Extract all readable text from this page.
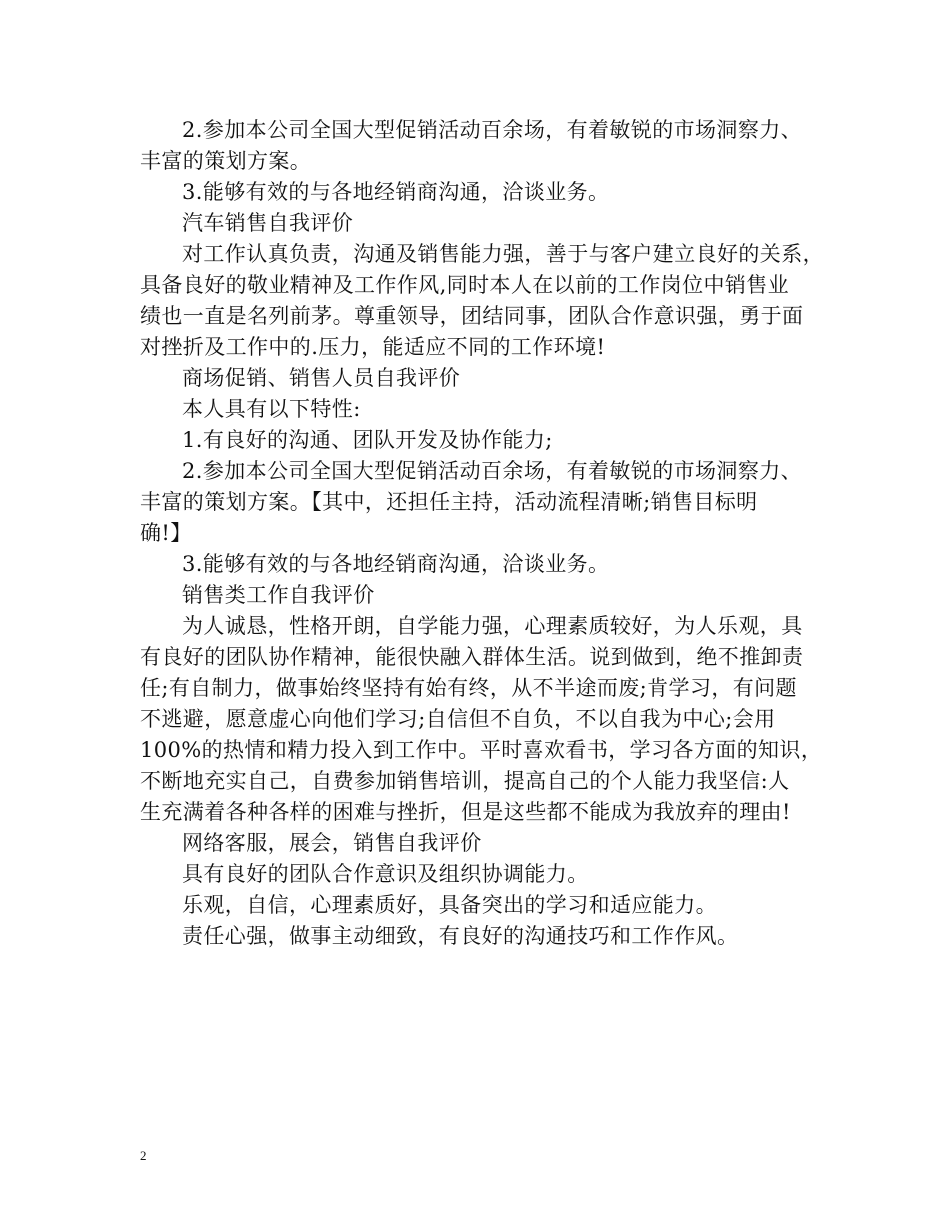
2.参加本公司全国大型促销活动百余场，有着敏锐的市场洞察力、
丰富的策划方案。
3.能够有效的与各地经销商沟通，洽谈业务。
汽车销售自我评价
对工作认真负责，沟通及销售能力强，善于与客户建立良好的关系，
具备良好的敬业精神及工作作风,同时本人在以前的工作岗位中销售业
绩也一直是名列前茅。尊重领导，团结同事，团队合作意识强，勇于面
对挫折及工作中的.压力，能适应不同的工作环境!
商场促销、销售人员自我评价
本人具有以下特性:
1.有良好的沟通、团队开发及协作能力;
2.参加本公司全国大型促销活动百余场，有着敏锐的市场洞察力、
丰富的策划方案。【其中，还担任主持，活动流程清晰;销售目标明
确!】
3.能够有效的与各地经销商沟通，洽谈业务。
销售类工作自我评价
为人诚恳，性格开朗，自学能力强，心理素质较好，为人乐观，具
有良好的团队协作精神，能很快融入群体生活。说到做到，绝不推卸责
任;有自制力，做事始终坚持有始有终，从不半途而废;肯学习，有问题
不逃避，愿意虚心向他们学习;自信但不自负，不以自我为中心;会用
100%的热情和精力投入到工作中。平时喜欢看书，学习各方面的知识，
不断地充实自己，自费参加销售培训，提高自己的个人能力我坚信:人
生充满着各种各样的困难与挫折，但是这些都不能成为我放弃的理由!
网络客服，展会，销售自我评价
具有良好的团队合作意识及组织协调能力。
乐观，自信，心理素质好，具备突出的学习和适应能力。
责任心强，做事主动细致，有良好的沟通技巧和工作作风。
2
